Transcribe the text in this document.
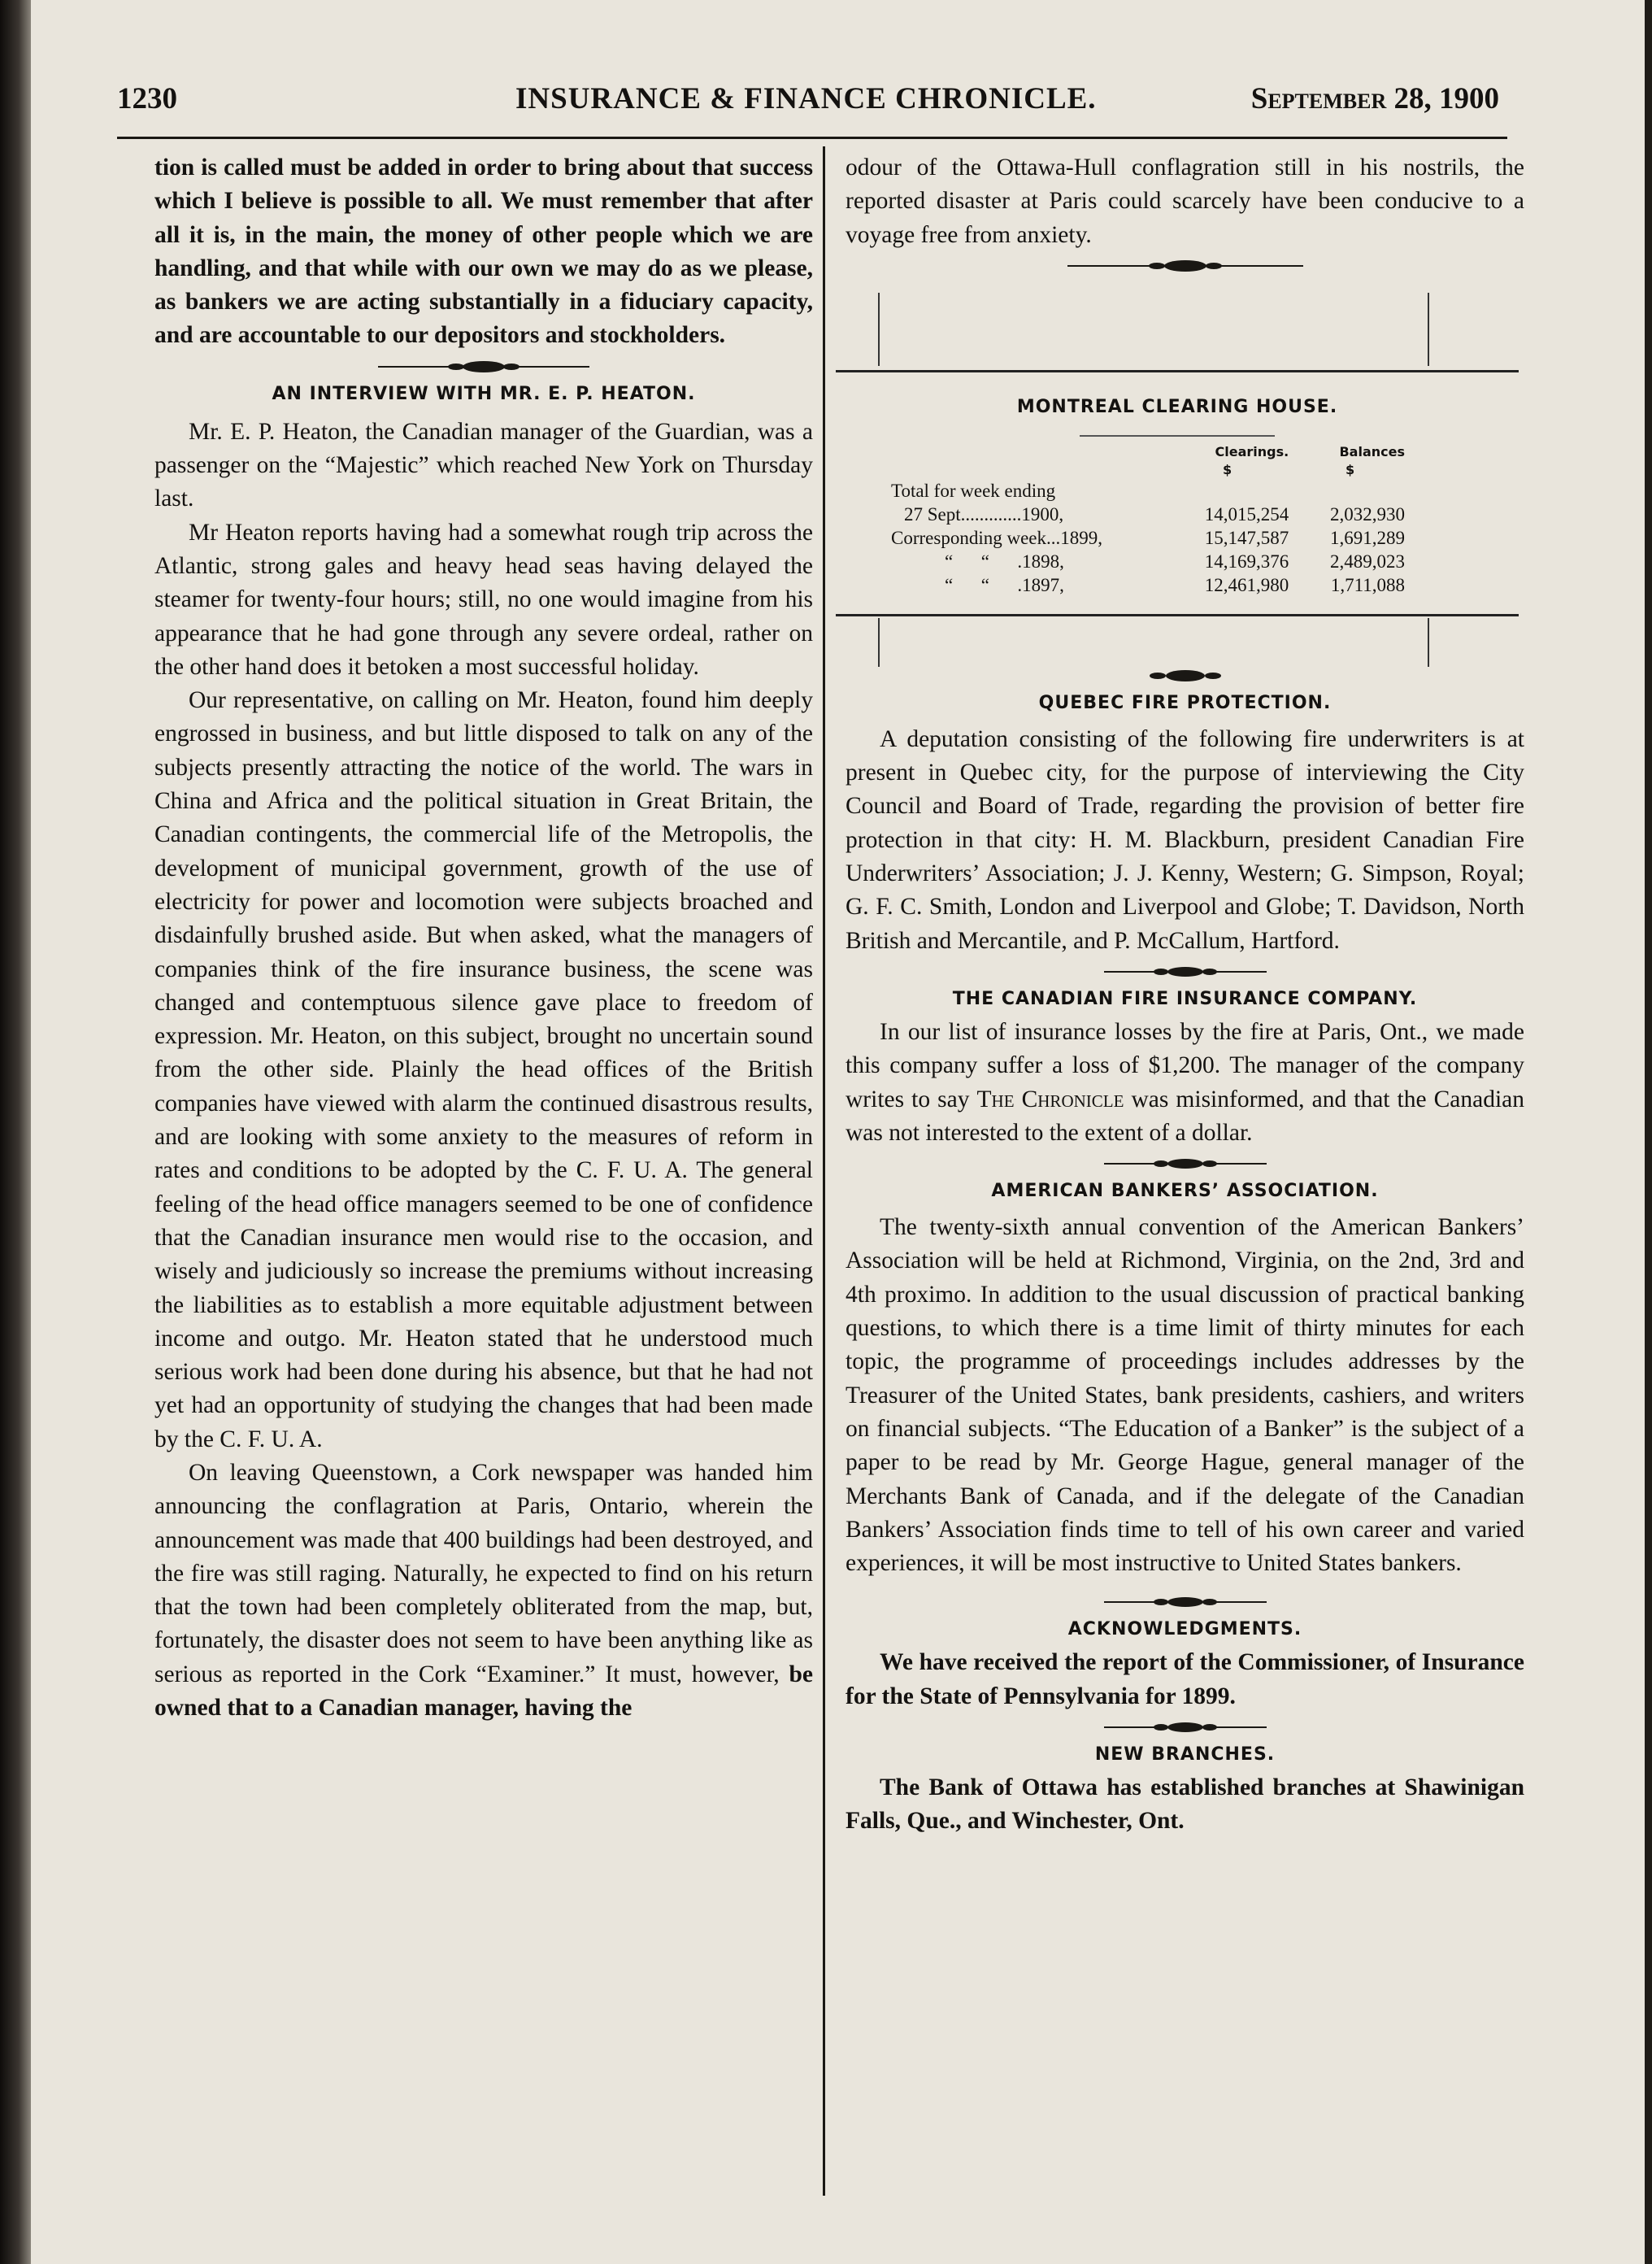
1230	INSURANCE & FINANCE CHRONICLE.	September 28, 1900

tion is called must be added in order to bring about that success which I believe is possible to all. We must remember that after all it is, in the main, the money of other people which we are handling, and that while with our own we may do as we please, as bankers we are acting substantially in a fiduciary capacity, and are accountable to our depositors and stockholders.

AN INTERVIEW WITH MR. E. P. HEATON.

Mr. E. P. Heaton, the Canadian manager of the Guardian, was a passenger on the “Majestic” which reached New York on Thursday last.

Mr Heaton reports having had a somewhat rough trip across the Atlantic, strong gales and heavy head seas having delayed the steamer for twenty-four hours; still, no one would imagine from his appearance that he had gone through any severe ordeal, rather on the other hand does it betoken a most successful holiday.

Our representative, on calling on Mr. Heaton, found him deeply engrossed in business, and but little disposed to talk on any of the subjects presently attracting the notice of the world. The wars in China and Africa and the political situation in Great Britain, the Canadian contingents, the commercial life of the Metropolis, the development of municipal government, growth of the use of electricity for power and locomotion were subjects broached and disdainfully brushed aside. But when asked, what the managers of companies think of the fire insurance business, the scene was changed and contemptuous silence gave place to freedom of expression. Mr. Heaton, on this subject, brought no uncertain sound from the other side. Plainly the head offices of the British companies have viewed with alarm the continued disastrous results, and are looking with some anxiety to the measures of reform in rates and conditions to be adopted by the C. F. U. A. The general feeling of the head office managers seemed to be one of confidence that the Canadian insurance men would rise to the occasion, and wisely and judiciously so increase the premiums without increasing the liabilities as to establish a more equitable adjustment between income and outgo. Mr. Heaton stated that he understood much serious work had been done during his absence, but that he had not yet had an opportunity of studying the changes that had been made by the C. F. U. A.

On leaving Queenstown, a Cork newspaper was handed him announcing the conflagration at Paris, Ontario, wherein the announcement was made that 400 buildings had been destroyed, and the fire was still raging. Naturally, he expected to find on his return that the town had been completely obliterated from the map, but, fortunately, the disaster does not seem to have been anything like as serious as reported in the Cork “Examiner.” It must, however, be owned that to a Canadian manager, having the

odour of the Ottawa-Hull conflagration still in his nostrils, the reported disaster at Paris could scarcely have been conducive to a voyage free from anxiety.

MONTREAL CLEARING HOUSE.
	Clearings.	Balances
	$	$
Total for week ending		
27 Sept.............1900,	14,015,254	2,032,930
Corresponding week...1899,	15,147,587	1,691,289
“      “      .1898,	14,169,376	2,489,023
“      “      .1897,	12,461,980	1,711,088
QUEBEC FIRE PROTECTION.

A deputation consisting of the following fire underwriters is at present in Quebec city, for the purpose of interviewing the City Council and Board of Trade, regarding the provision of better fire protection in that city: H. M. Blackburn, president Canadian Fire Underwriters’ Association; J. J. Kenny, Western; G. Simpson, Royal; G. F. C. Smith, London and Liverpool and Globe; T. Davidson, North British and Mercantile, and P. McCallum, Hartford.

THE CANADIAN FIRE INSURANCE COMPANY.

In our list of insurance losses by the fire at Paris, Ont., we made this company suffer a loss of $1,200. The manager of the company writes to say The Chronicle was misinformed, and that the Canadian was not interested to the extent of a dollar.

AMERICAN BANKERS’ ASSOCIATION.

The twenty-sixth annual convention of the American Bankers’ Association will be held at Richmond, Virginia, on the 2nd, 3rd and 4th proximo. In addition to the usual discussion of practical banking questions, to which there is a time limit of thirty minutes for each topic, the programme of proceedings includes addresses by the Treasurer of the United States, bank presidents, cashiers, and writers on financial subjects. “The Education of a Banker” is the subject of a paper to be read by Mr. George Hague, general manager of the Merchants Bank of Canada, and if the delegate of the Canadian Bankers’ Association finds time to tell of his own career and varied experiences, it will be most instructive to United States bankers.

ACKNOWLEDGMENTS.

We have received the report of the Commissioner, of Insurance for the State of Pennsylvania for 1899.

NEW BRANCHES.

The Bank of Ottawa has established branches at Shawinigan Falls, Que., and Winchester, Ont.
